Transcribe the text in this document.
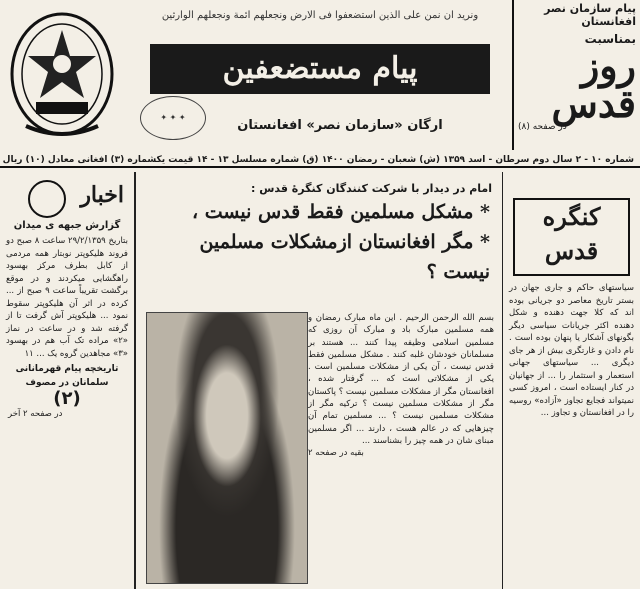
پیام سازمان نصر
افغانستان
بمناسبت
روز
قدس
در صفحه (۸)
ونرید ان نمن علی الذین استضعفوا فی الارض ونجعلهم ائمة ونجعلهم الوارثین
پیام مستضعفین
✦ ✦ ✦
ارگان «سازمان نصر» افغانستان
شماره ۱۰ - ۲ سال دوم سرطان - اسد ۱۳۵۹ (ش) شعبان - رمضان ۱۴۰۰ (ق) شماره مسلسل ۱۳ - ۱۴ قیمت یکشماره (۳) افغانی معادل (۱۰) ریال
کنگره
قدس
سیاستهای حاکم و جاری جهان در بستر تاریخ معاصر دو جریانی بوده اند که کلا جهت دهنده و شکل دهنده اکثر جریانات سیاسی دیگر بگونهای آشکار یا پنهان بوده است . نام دادن و غارتگری بیش از هر جای دیگری ... سیاستهای جهانی استعمار و استثمار را ... از جهانیان در کنار ایستاده است ، امروز کسی نمیتواند فجایع تجاوز «آزاده» روسیه را در افغانستان و تجاوز ...
امام در دیدار با شرکت کنندگان کنگرهٔ قدس :
* مشکل مسلمین فقط قدس نیست ،
* مگر افغانستان ازمشکلات مسلمین
نیست ؟
بسم الله الرحمن الرحیم . این ماه مبارک رمضان و همه مسلمین مبارک باد و مبارک آن روزی که مسلمین اسلامی وظیفه پیدا کنند ... هستند بر مسلمانان خودشان غلبه کنند . مشکل مسلمین فقط قدس نیست ، آن یکی از مشکلات مسلمین است . یکی از مشکلاتی است که ... گرفتار شده ، افغانستان مگر از مشکلات مسلمین نیست ؟ پاکستان مگر از مشکلات مسلمین نیست ؟ ترکیه مگر از مشکلات مسلمین نیست ؟ ... مسلمین تمام آن چیزهایی که در عالم هست ، دارند ... اگر مسلمین مبنای شان در همه چیز را بشناسند ...
بقیه در صفحه ۲
اخبار
گزارش جبهه ی میدان
بتاریخ ۲۹/۲/۱۳۵۹ ساعت ۸ صبح دو فروند هلیکوپتر نوبتار همه مردمی از کابل بطرف مرکز بهسود راهگشایی میکردند و در موقع برگشت تقریباً ساعت ۹ صبح از ... کرده در اثر آن هلیکوپتر سقوط نمود ... هلیکوپتر آش گرفت تا از گرفته شد و در ساعت در نماز «۲» مراده تک آب هم در بهسود «۳» مجاهدین گروه یک ... ۱۱
تاریخچه پیام قهرمانانی
سلمانان در مصوف
(۲)
در صفحه ۲ آخر
